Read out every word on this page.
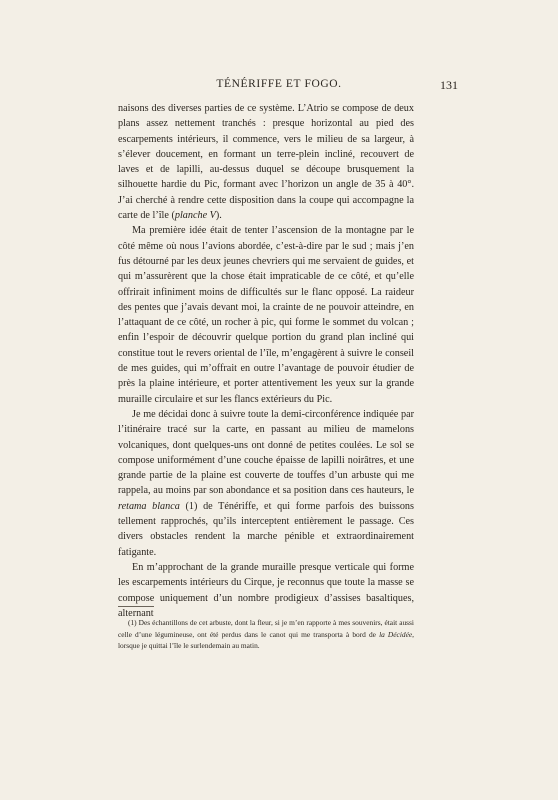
TÉNÉRIFFE ET FOGO.	131

naisons des diverses parties de ce système. L’Atrio se compose de deux plans assez nettement tranchés : presque horizontal au pied des escarpements intérieurs, il commence, vers le milieu de sa largeur, à s’élever doucement, en formant un terre-plein incliné, recouvert de laves et de lapilli, au-dessus duquel se découpe brusquement la silhouette hardie du Pic, formant avec l’horizon un angle de 35 à 40°. J’ai cherché à rendre cette disposition dans la coupe qui accompagne la carte de l’île (planche V).

Ma première idée était de tenter l’ascension de la montagne par le côté même où nous l’avions abordée, c’est-à-dire par le sud ; mais j’en fus détourné par les deux jeunes chevriers qui me servaient de guides, et qui m’assurèrent que la chose était impraticable de ce côté, et qu’elle offrirait infiniment moins de difficultés sur le flanc opposé. La raideur des pentes que j’avais devant moi, la crainte de ne pouvoir atteindre, en l’attaquant de ce côté, un rocher à pic, qui forme le sommet du volcan ; enfin l’espoir de découvrir quelque portion du grand plan incliné qui constitue tout le revers oriental de l’île, m’engagèrent à suivre le conseil de mes guides, qui m’offrait en outre l’avantage de pouvoir étudier de près la plaine intérieure, et porter attentivement les yeux sur la grande muraille circulaire et sur les flancs extérieurs du Pic.

Je me décidai donc à suivre toute la demi-circonférence indiquée par l’itinéraire tracé sur la carte, en passant au milieu de mamelons volcaniques, dont quelques-uns ont donné de petites coulées. Le sol se compose uniformément d’une couche épaisse de lapilli noirâtres, et une grande partie de la plaine est couverte de touffes d’un arbuste qui me rappela, au moins par son abondance et sa position dans ces hauteurs, le retama blanca (1) de Ténériffe, et qui forme parfois des buissons tellement rapprochés, qu’ils interceptent entièrement le passage. Ces divers obstacles rendent la marche pénible et extraordinairement fatigante.

En m’approchant de la grande muraille presque verticale qui forme les escarpements intérieurs du Cirque, je reconnus que toute la masse se compose uniquement d’un nombre prodigieux d’assises basaltiques, alternant

(1) Des échantillons de cet arbuste, dont la fleur, si je m’en rapporte à mes souvenirs, était aussi celle d’une légumineuse, ont été perdus dans le canot qui me transporta à bord de la Décidée, lorsque je quittai l’île le surlendemain au matin.
